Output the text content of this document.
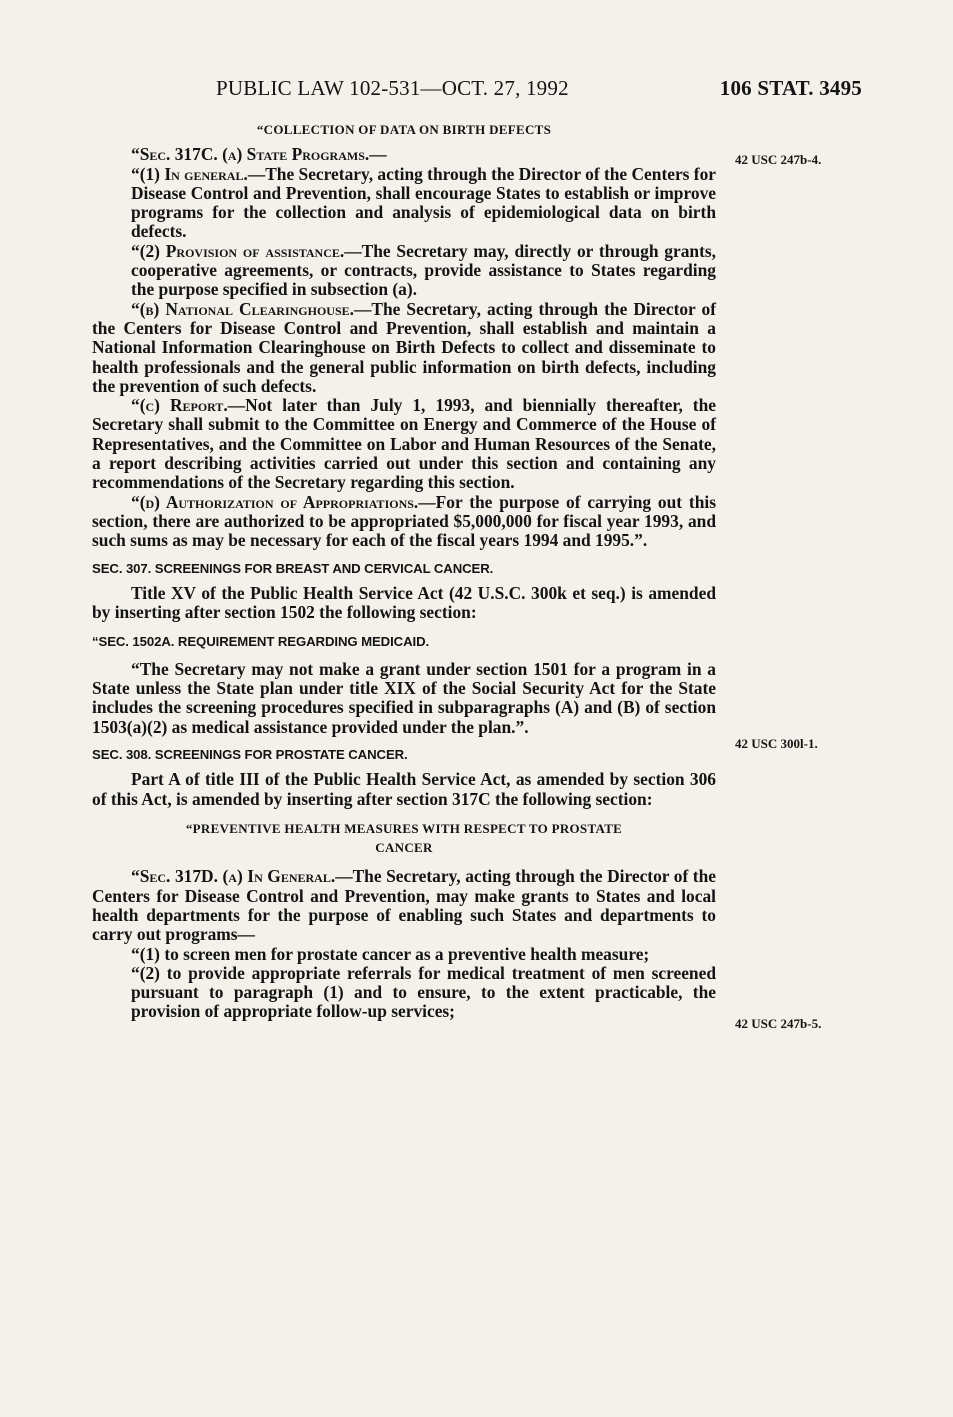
PUBLIC LAW 102-531—OCT. 27, 1992	106 STAT. 3495
42 USC 247b-4.
42 USC 300l-1.
42 USC 247b-5.

“COLLECTION OF DATA ON BIRTH DEFECTS

“Sec. 317C. (a) State Programs.—

“(1) In general.—The Secretary, acting through the Director of the Centers for Disease Control and Prevention, shall encourage States to establish or improve programs for the collection and analysis of epidemiological data on birth defects.

“(2) Provision of assistance.—The Secretary may, directly or through grants, cooperative agreements, or contracts, provide assistance to States regarding the purpose specified in subsection (a).

“(b) National Clearinghouse.—The Secretary, acting through the Director of the Centers for Disease Control and Prevention, shall establish and maintain a National Information Clearinghouse on Birth Defects to collect and disseminate to health professionals and the general public information on birth defects, including the prevention of such defects.

“(c) Report.—Not later than July 1, 1993, and biennially thereafter, the Secretary shall submit to the Committee on Energy and Commerce of the House of Representatives, and the Committee on Labor and Human Resources of the Senate, a report describing activities carried out under this section and containing any recommendations of the Secretary regarding this section.

“(d) Authorization of Appropriations.—For the purpose of carrying out this section, there are authorized to be appropriated $5,000,000 for fiscal year 1993, and such sums as may be necessary for each of the fiscal years 1994 and 1995.”.

SEC. 307. SCREENINGS FOR BREAST AND CERVICAL CANCER.

Title XV of the Public Health Service Act (42 U.S.C. 300k et seq.) is amended by inserting after section 1502 the following section:

“SEC. 1502A. REQUIREMENT REGARDING MEDICAID.

“The Secretary may not make a grant under section 1501 for a program in a State unless the State plan under title XIX of the Social Security Act for the State includes the screening procedures specified in subparagraphs (A) and (B) of section 1503(a)(2) as medical assistance provided under the plan.”.

SEC. 308. SCREENINGS FOR PROSTATE CANCER.

Part A of title III of the Public Health Service Act, as amended by section 306 of this Act, is amended by inserting after section 317C the following section:

“PREVENTIVE HEALTH MEASURES WITH RESPECT TO PROSTATE

CANCER

“Sec. 317D. (a) In General.—The Secretary, acting through the Director of the Centers for Disease Control and Prevention, may make grants to States and local health departments for the purpose of enabling such States and departments to carry out programs—

“(1) to screen men for prostate cancer as a preventive health measure;

“(2) to provide appropriate referrals for medical treatment of men screened pursuant to paragraph (1) and to ensure, to the extent practicable, the provision of appropriate follow-up services;
